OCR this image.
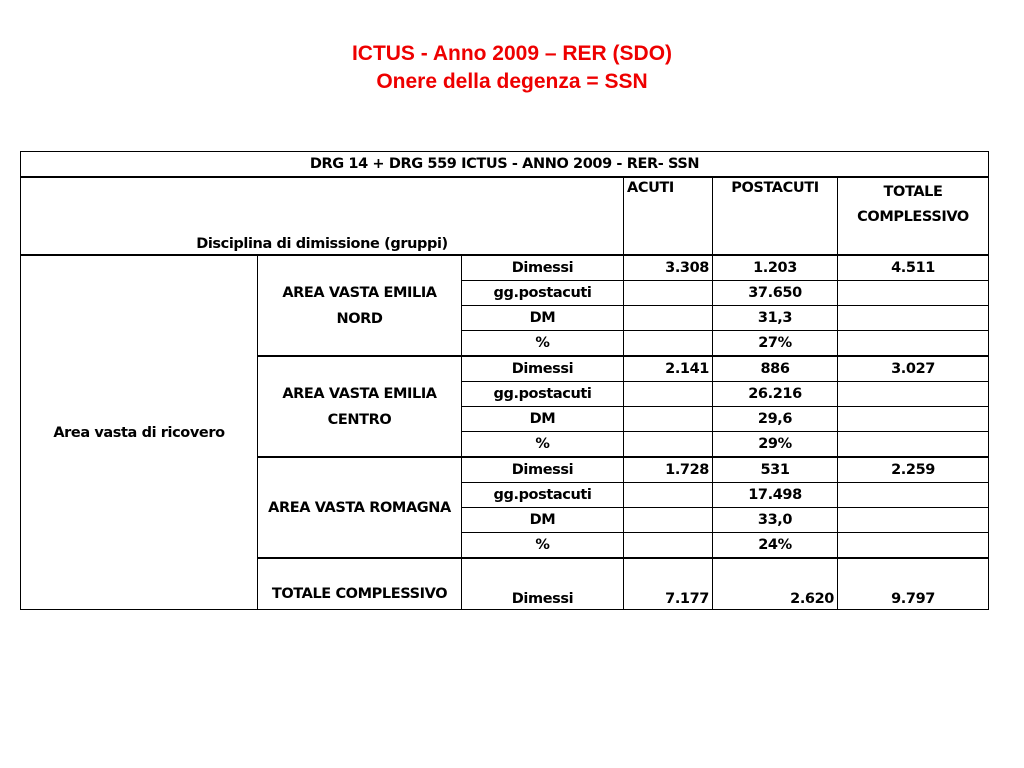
ICTUS - Anno 2009 – RER (SDO)
Onere della degenza = SSN
DRG 14 + DRG 559 ICTUS - ANNO 2009 - RER- SSN					
Disciplina di dimissione (gruppi)			ACUTI	POSTACUTI	TOTALE COMPLESSIVO
Area vasta di ricovero	AREA VASTA EMILIA NORD	Dimessi	3.308	1.203	4.511
		gg.postacuti		37.650	
		DM		31,3	
		%		27%	
	AREA VASTA EMILIA CENTRO	Dimessi	2.141	886	3.027
		gg.postacuti		26.216	
		DM		29,6	
		%		29%	
	AREA VASTA ROMAGNA	Dimessi	1.728	531	2.259
		gg.postacuti		17.498	
		DM		33,0	
		%		24%	
	TOTALE COMPLESSIVO	Dimessi	7.177	2.620	9.797
